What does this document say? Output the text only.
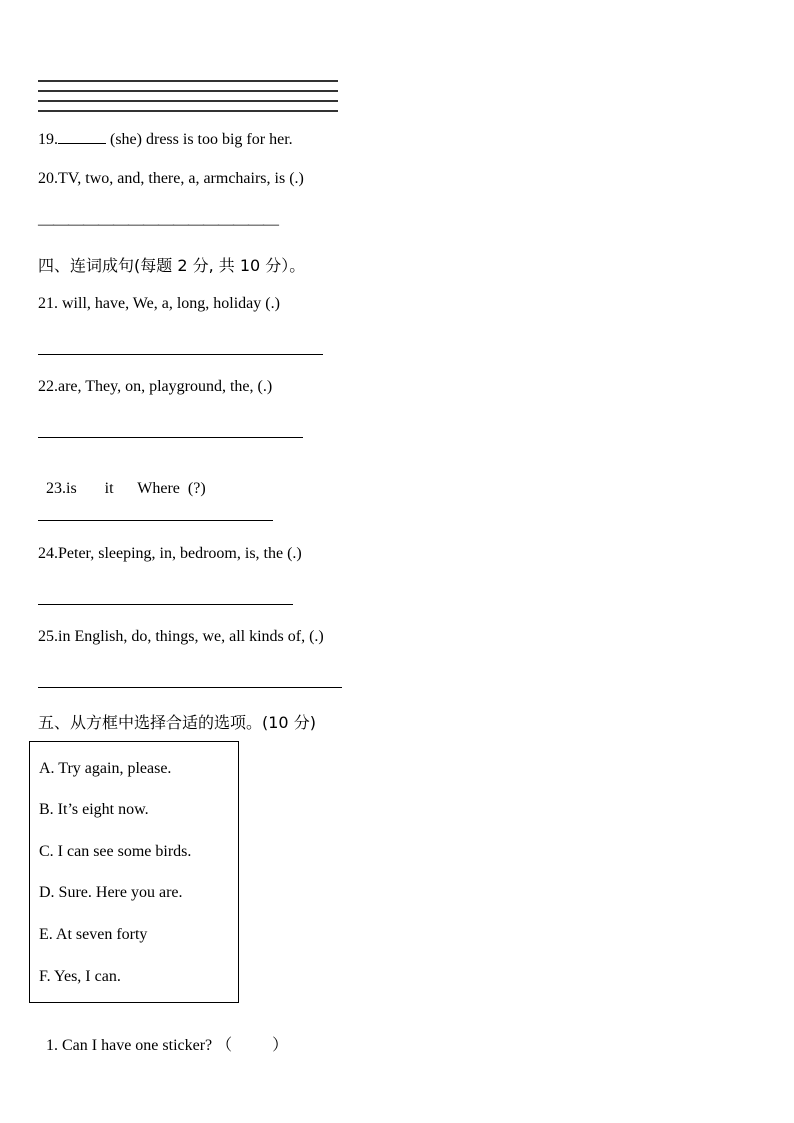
19.	(she) dress is too big for her.
20.TV, two, and, there, a, armchairs, is (.)
————————————————
四、连词成句(每题 2 分, 共 10 分）。
21. will, have, We, a, long, holiday (.)
22.are, They, on, playground, the, (.)

23.is       it      Where  (?)

24.Peter, sleeping, in, bedroom, is, the (.)
25.in English, do, things, we, all kinds of, (.)
五、从方框中选择合适的选项。(10 分)
A. Try again, please.
B. It’s eight now.
C. I can see some birds.
D. Sure. Here you are.
E. At seven forty
F. Yes, I can.

1. Can I have one sticker? （          ）
